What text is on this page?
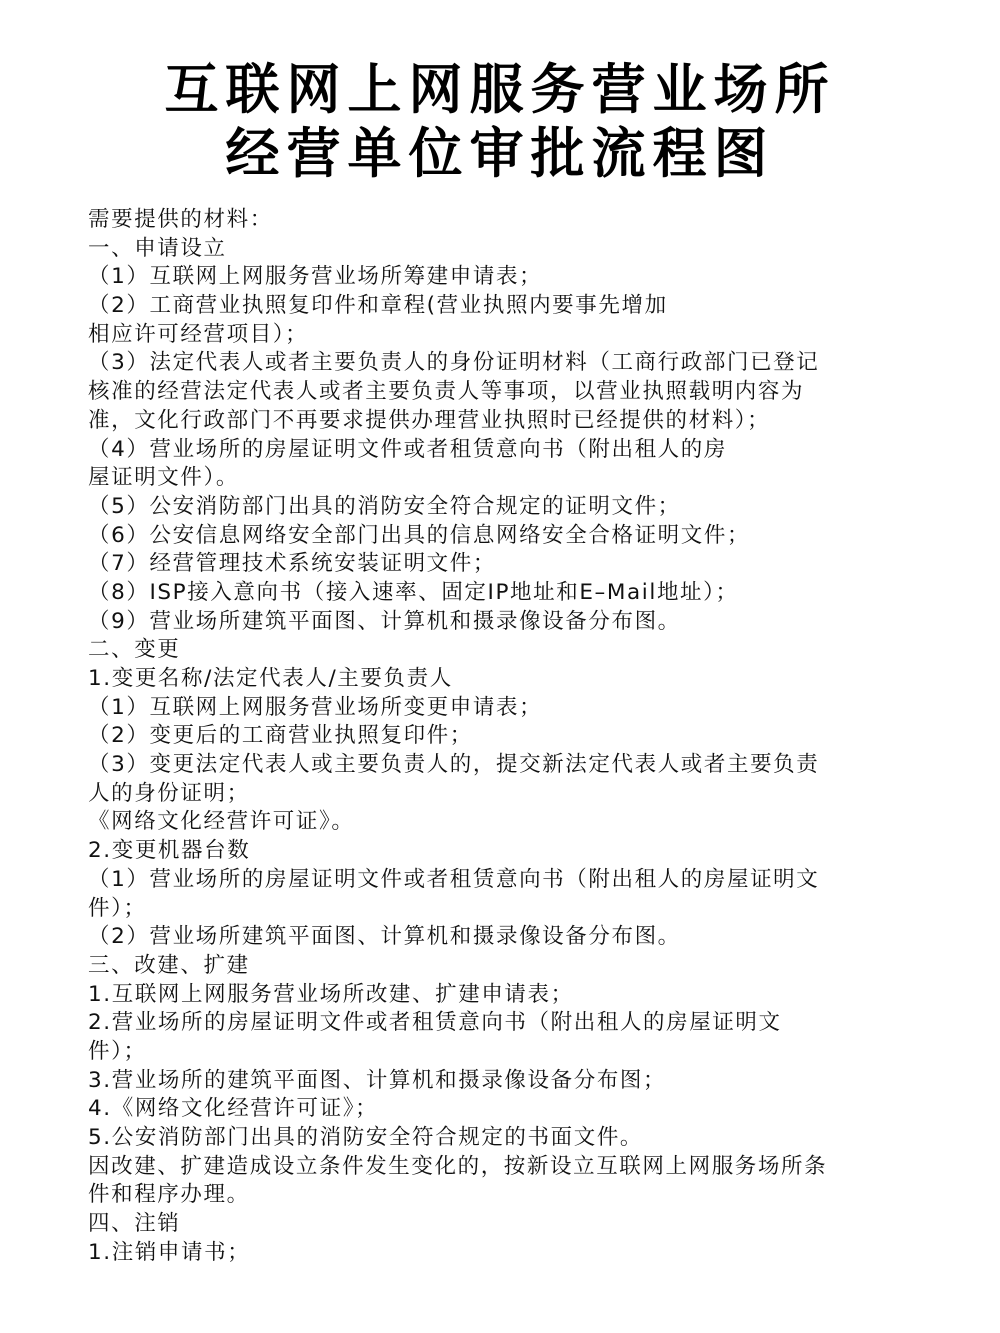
互联网上网服务营业场所
经营单位审批流程图
需要提供的材料：
一、申请设立
（1）互联网上网服务营业场所筹建申请表；
（2）工商营业执照复印件和章程(营业执照内要事先增加
相应许可经营项目）；
（3）法定代表人或者主要负责人的身份证明材料（工商行政部门已登记
核准的经营法定代表人或者主要负责人等事项，以营业执照载明内容为
准，文化行政部门不再要求提供办理营业执照时已经提供的材料）；
（4）营业场所的房屋证明文件或者租赁意向书（附出租人的房
屋证明文件）。
（5）公安消防部门出具的消防安全符合规定的证明文件；
（6）公安信息网络安全部门出具的信息网络安全合格证明文件；
（7）经营管理技术系统安装证明文件；
（8）ISP接入意向书（接入速率、固定IP地址和E–Mail地址）；
（9）营业场所建筑平面图、计算机和摄录像设备分布图。
二、变更
1.变更名称/法定代表人/主要负责人
（1）互联网上网服务营业场所变更申请表；
（2）变更后的工商营业执照复印件；
（3）变更法定代表人或主要负责人的，提交新法定代表人或者主要负责
人的身份证明；
《网络文化经营许可证》。
2.变更机器台数
（1）营业场所的房屋证明文件或者租赁意向书（附出租人的房屋证明文
件）；
（2）营业场所建筑平面图、计算机和摄录像设备分布图。
三、改建、扩建
1.互联网上网服务营业场所改建、扩建申请表；
2.营业场所的房屋证明文件或者租赁意向书（附出租人的房屋证明文
件）；
3.营业场所的建筑平面图、计算机和摄录像设备分布图；
4.《网络文化经营许可证》；
5.公安消防部门出具的消防安全符合规定的书面文件。
因改建、扩建造成设立条件发生变化的，按新设立互联网上网服务场所条
件和程序办理。
四、注销
1.注销申请书；
